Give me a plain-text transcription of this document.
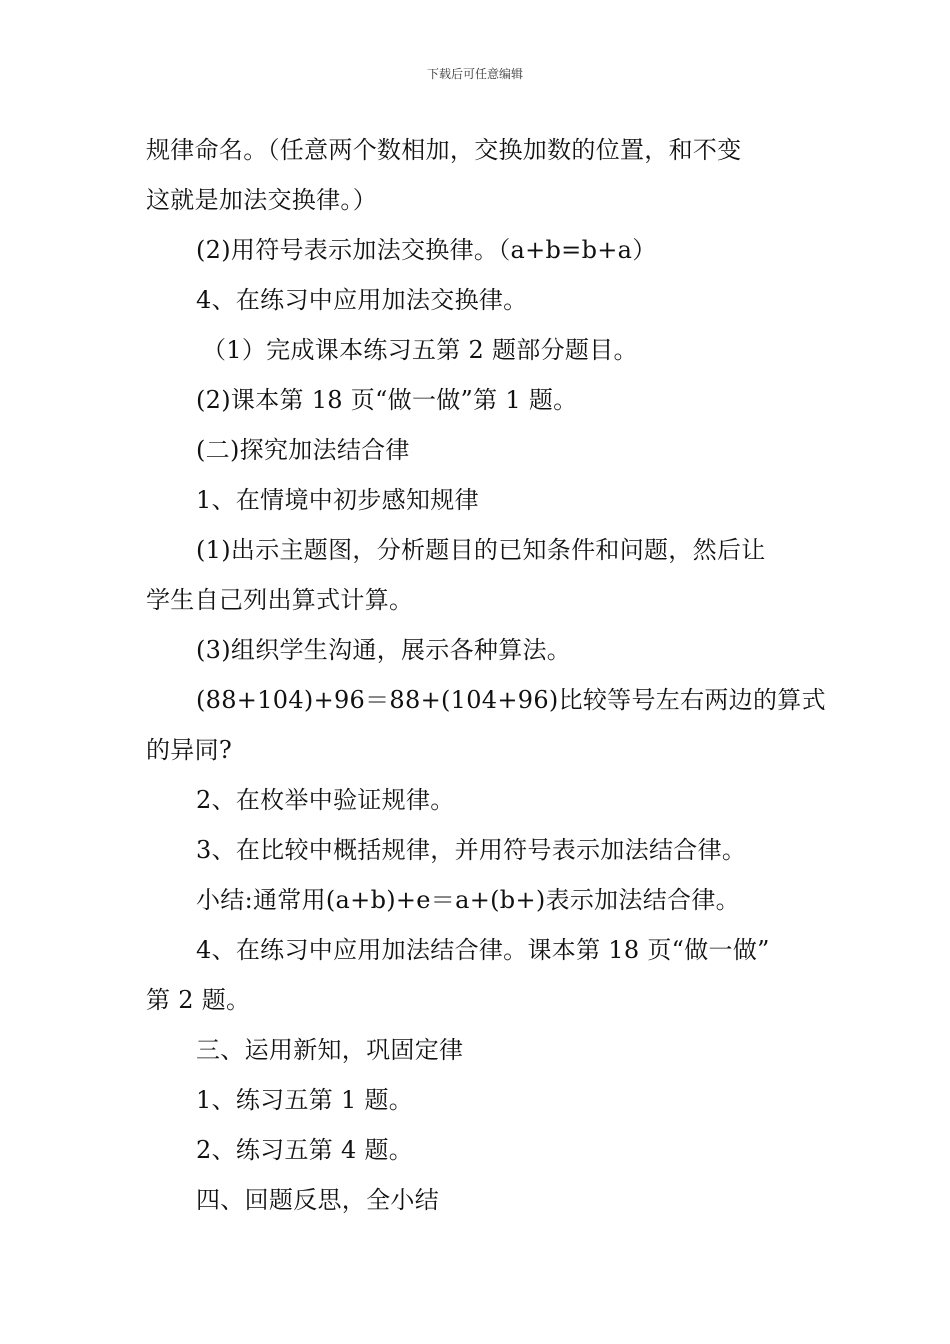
下载后可任意编辑
规律命名。（任意两个数相加，交换加数的位置，和不变
这就是加法交换律。）
(2)用符号表示加法交换律。（a+b=b+a）
4、在练习中应用加法交换律。
（1）完成课本练习五第 2 题部分题目。
(2)课本第 18 页“做一做”第 1 题。
(二)探究加法结合律
1、在情境中初步感知规律
(1)出示主题图，分析题目的已知条件和问题，然后让
学生自己列出算式计算。
(3)组织学生沟通，展示各种算法。
(88+104)+96＝88+(104+96)比较等号左右两边的算式
的异同?
2、在枚举中验证规律。
3、在比较中概括规律，并用符号表示加法结合律。
小结:通常用(a+b)+e＝a+(b+)表示加法结合律。
4、在练习中应用加法结合律。课本第 18 页“做一做”
第 2 题。
三、运用新知，巩固定律
1、练习五第 1 题。
2、练习五第 4 题。
四、回题反思，全小结
